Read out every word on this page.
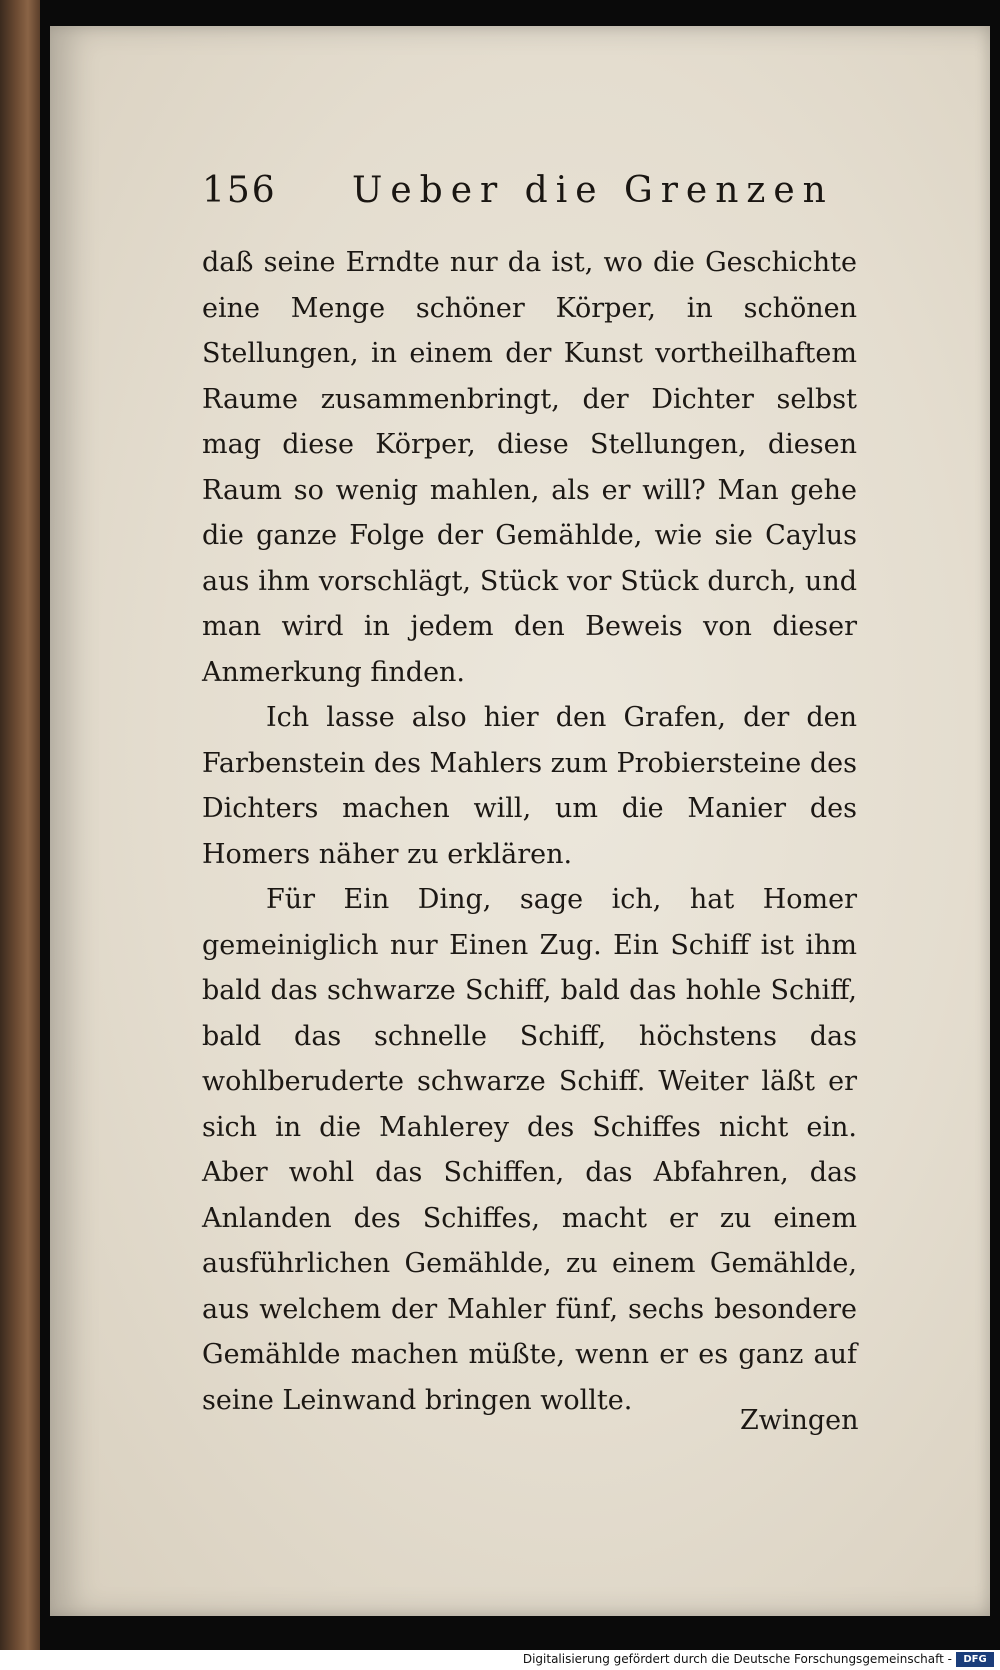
156 Ueber die Grenzen

daß seine Erndte nur da ist, wo die Geschichte eine Menge schöner Körper, in schönen Stellungen, in einem der Kunst vortheilhaftem Raume zusammenbringt, der Dichter selbst mag diese Körper, diese Stellungen, diesen Raum so wenig mahlen, als er will? Man gehe die ganze Folge der Gemählde, wie sie Caylus aus ihm vorschlägt, Stück vor Stück durch, und man wird in jedem den Beweis von dieser Anmerkung finden.

Ich lasse also hier den Grafen, der den Farbenstein des Mahlers zum Probiersteine des Dichters machen will, um die Manier des Homers näher zu erklären.

Für Ein Ding, sage ich, hat Homer gemeiniglich nur Einen Zug. Ein Schiff ist ihm bald das schwarze Schiff, bald das hohle Schiff, bald das schnelle Schiff, höchstens das wohlberuderte schwarze Schiff. Weiter läßt er sich in die Mahlerey des Schiffes nicht ein. Aber wohl das Schiffen, das Abfahren, das Anlanden des Schiffes, macht er zu einem ausführlichen Gemählde, zu einem Gemählde, aus welchem der Mahler fünf, sechs besondere Gemählde machen müßte, wenn er es ganz auf seine Leinwand bringen wollte.

Zwingen
Digitalisierung gefördert durch die Deutsche Forschungsgemeinschaft -	DFG
